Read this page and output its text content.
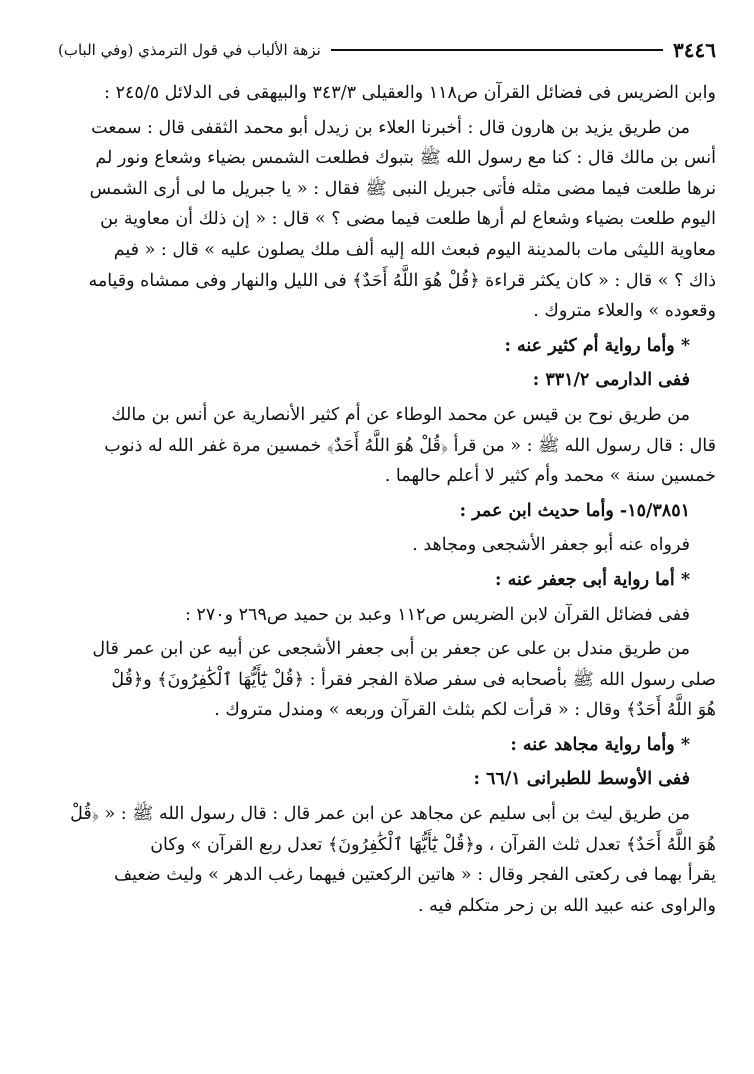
٣٤٤٦
نزهة الألباب في قول الترمذي (وفي الباب)

وابن الضريس فى فضائل القرآن ص١١٨ والعقيلى ٣٤٣/٣ والبيهقى فى الدلائل ٢٤٥/٥ :

من طريق يزيد بن هارون قال : أخبرنا العلاء بن زيدل أبو محمد الثقفى قال : سمعت

أنس بن مالك قال : كنا مع رسول الله ﷺ بتبوك فطلعت الشمس بضياء وشعاع ونور لم

نرها طلعت فيما مضى مثله فأتى جبريل النبى ﷺ فقال : « يا جبريل ما لى أرى الشمس

اليوم طلعت بضياء وشعاع لم أرها طلعت فيما مضى ؟ » قال : « إن ذلك أن معاوية بن

معاوية الليثى مات بالمدينة اليوم فبعث الله إليه ألف ملك يصلون عليه » قال : « فيم

ذاك ؟ » قال : « كان يكثر قراءة ﴿قُلْ هُوَ اللَّهُ أَحَدٌ﴾ فى الليل والنهار وفى ممشاه وقيامه

وقعوده » والعلاء متروك .

* وأما رواية أم كثير عنه :

ففى الدارمى ٣٣١/٢ :

من طريق نوح بن قيس عن محمد الوطاء عن أم كثير الأنصارية عن أنس بن مالك

قال : قال رسول الله ﷺ : « من قرأ ﴿قُلْ هُوَ اللَّهُ أَحَدٌ﴾ خمسين مرة غفر الله له ذنوب

خمسين سنة » محمد وأم كثير لا أعلم حالهما .

١٥/٣٨٥١- وأما حديث ابن عمر :

فرواه عنه أبو جعفر الأشجعى ومجاهد .

* أما رواية أبى جعفر عنه :

ففى فضائل القرآن لابن الضريس ص١١٢ وعبد بن حميد ص٢٦٩ و٢٧٠ :

من طريق مندل بن على عن جعفر بن أبى جعفر الأشجعى عن أبيه عن ابن عمر قال

صلى رسول الله ﷺ بأصحابه فى سفر صلاة الفجر فقرأ : ﴿قُلْ يَٰٓأَيُّهَا ٱلْكَٰفِرُونَ﴾ و﴿قُلْ

هُوَ اللَّهُ أَحَدٌ﴾ وقال : « قرأت لكم بثلث القرآن وربعه » ومندل متروك .

* وأما رواية مجاهد عنه :

ففى الأوسط للطبرانى ٦٦/١ :

من طريق ليث بن أبى سليم عن مجاهد عن ابن عمر قال : قال رسول الله ﷺ : « ﴿قُلْ

هُوَ اللَّهُ أَحَدٌ﴾ تعدل ثلث القرآن ، و﴿قُلْ يَٰٓأَيُّهَا ٱلْكَٰفِرُونَ﴾ تعدل ربع القرآن » وكان

يقرأ بهما فى ركعتى الفجر وقال : « هاتين الركعتين فيهما رغب الدهر » وليث ضعيف

والراوى عنه عبيد الله بن زحر متكلم فيه .
